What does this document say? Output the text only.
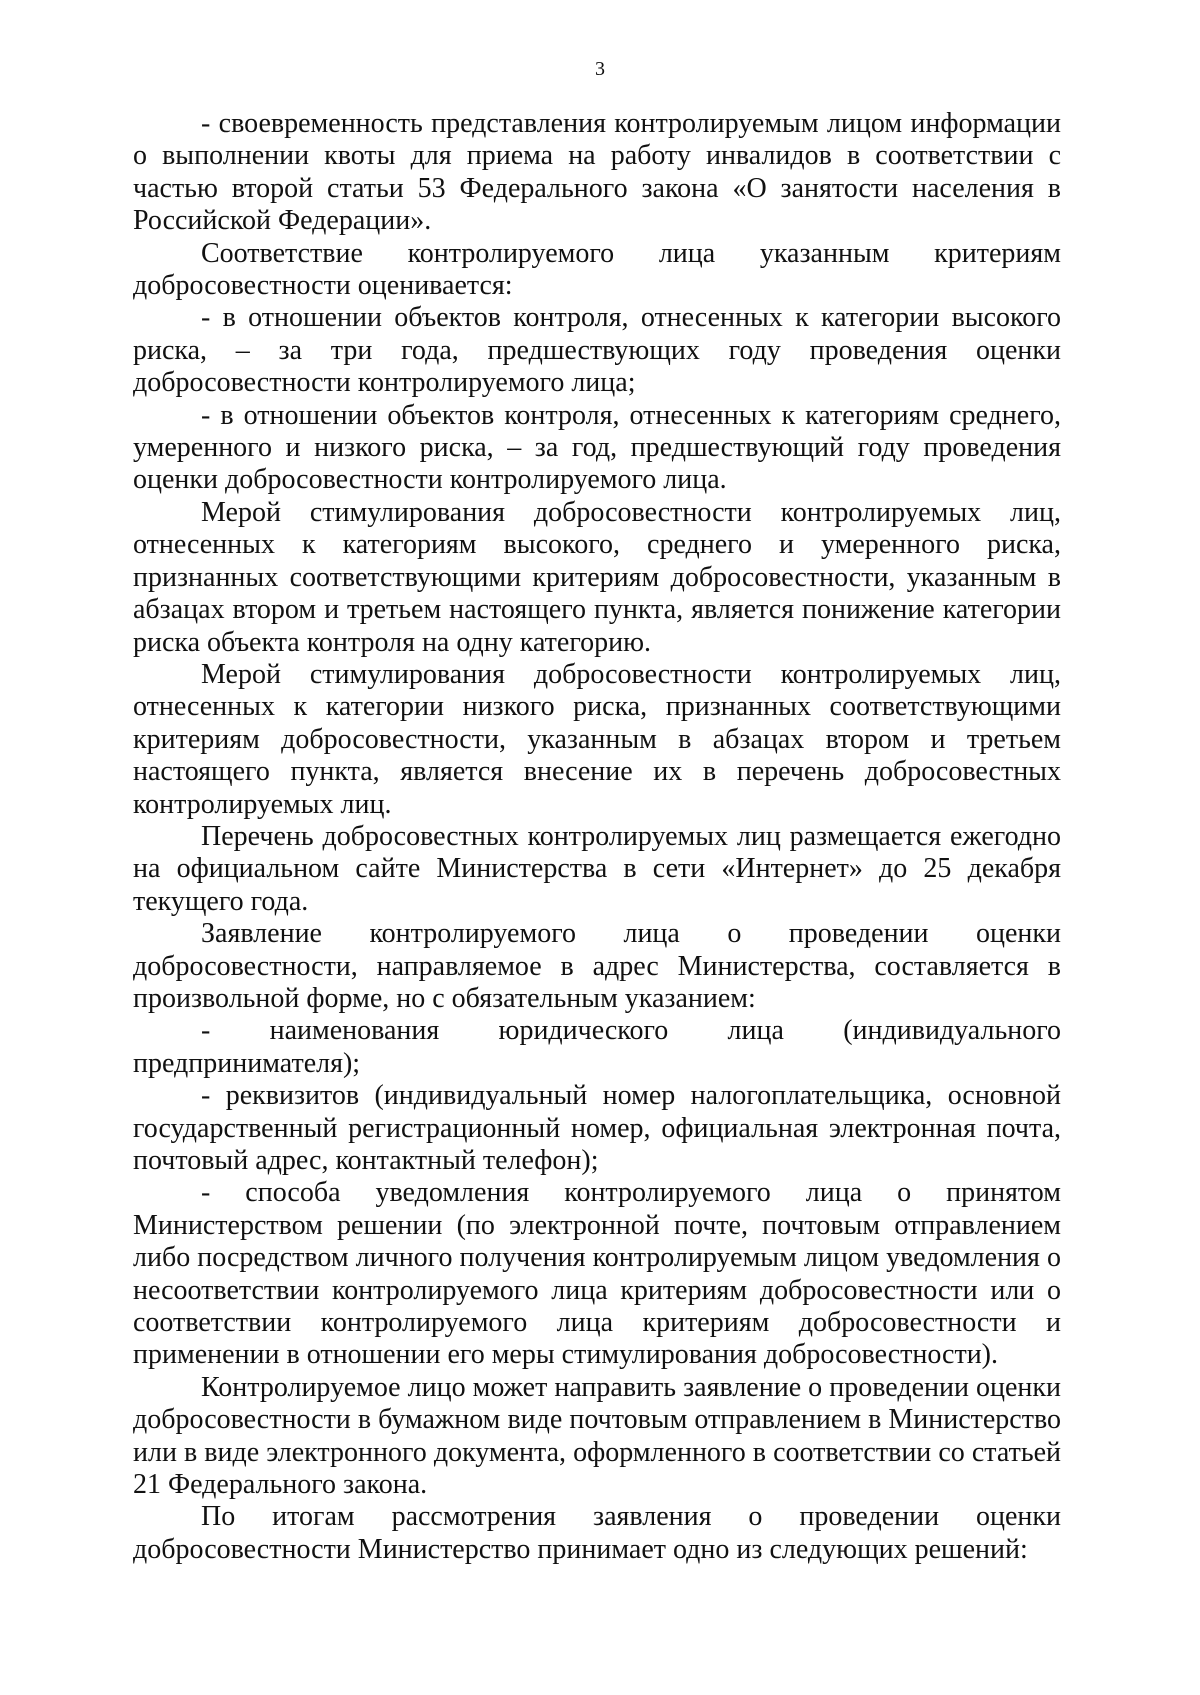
3

- своевременность представления контролируемым лицом информации о выполнении квоты для приема на работу инвалидов в соответствии с частью второй статьи 53 Федерального закона «О занятости населения в Российской Федерации».

Соответствие контролируемого лица указанным критериям добросовестности оценивается:

- в отношении объектов контроля, отнесенных к категории высокого риска, – за три года, предшествующих году проведения оценки добросовестности контролируемого лица;

- в отношении объектов контроля, отнесенных к категориям среднего, умеренного и низкого риска, – за год, предшествующий году проведения оценки добросовестности контролируемого лица.

Мерой стимулирования добросовестности контролируемых лиц, отнесенных к категориям высокого, среднего и умеренного риска, признанных соответствующими критериям добросовестности, указанным в абзацах втором и третьем настоящего пункта, является понижение категории риска объекта контроля на одну категорию.

Мерой стимулирования добросовестности контролируемых лиц, отнесенных к категории низкого риска, признанных соответствующими критериям добросовестности, указанным в абзацах втором и третьем настоящего пункта, является внесение их в перечень добросовестных контролируемых лиц.

Перечень добросовестных контролируемых лиц размещается ежегодно на официальном сайте Министерства в сети «Интернет» до 25 декабря текущего года.

Заявление контролируемого лица о проведении оценки добросовестности, направляемое в адрес Министерства, составляется в произвольной форме, но с обязательным указанием:

- наименования юридического лица (индивидуального предпринимателя);

- реквизитов (индивидуальный номер налогоплательщика, основной государственный регистрационный номер, официальная электронная почта, почтовый адрес, контактный телефон);

- способа уведомления контролируемого лица о принятом Министерством решении (по электронной почте, почтовым отправлением либо посредством личного получения контролируемым лицом уведомления о несоответствии контролируемого лица критериям добросовестности или о соответствии контролируемого лица критериям добросовестности и применении в отношении его меры стимулирования добросовестности).

Контролируемое лицо может направить заявление о проведении оценки добросовестности в бумажном виде почтовым отправлением в Министерство или в виде электронного документа, оформленного в соответствии со статьей 21 Федерального закона.

По итогам рассмотрения заявления о проведении оценки добросовестности Министерство принимает одно из следующих решений:
